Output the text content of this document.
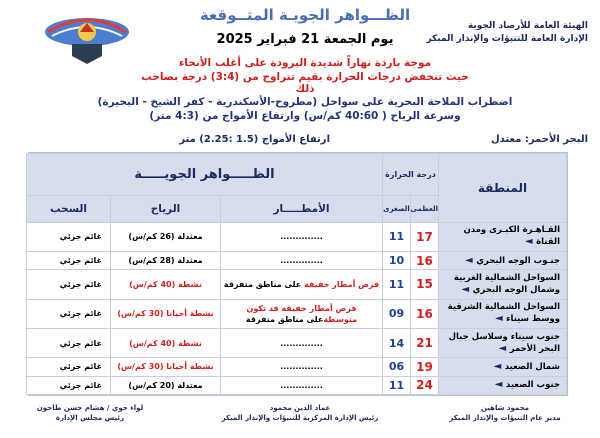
الظـــواهر الجويـة المتــوقعة
الهيئة العامة للأرصاد الجوية
الإدارة العامة للتنبؤات والإنذار المبكر
يوم الجمعة 21 فبراير 2025
موجة باردة نهاراً شديدة البرودة على أغلب الأنحاء
حيث تنخفض درجات الحرارة بقيم تتراوح من (3:4) درجة بصاحب ذلك
اضطراب الملاحة البحرية على سواحل (مطروح-الأسكندرية - كفر الشيخ - البحيرة)
وسرعة الرياح ( 40:60 كم/س) وارتفاع الأمواج من (4:3 متر)
البحر الأحمر: معتدل
ارتفاع الأمواج (1.5 :2.25) متر
المنطقة	درجة الحرارة		الظـــــواهر الجويـــــة		
	العظمى	الصغرى	الأمطـــــار	الرياح	السحب
القـاهـرة الكبـرى ومدن القناة ◄	17	11	..............	معتدلة (26 كم/س)	غائم جزئي
جنـوب الوجه البحري ◄	16	10	..............	معتدلة (28 كم/س)	غائم جزئي
السواحل الشمالية الغربية وشمال الوجه البحري ◄	15	11	فرص أمطار خفيفة على مناطق متفرقة	نشطة (40 كم/س)	غائم جزئي
السواحل الشمالية الشرقية ووسط سيناء ◄	16	09	فرص أمطار خفيفة قد تكون متوسطةعلى مناطق متفرقة	نشطة أحيانا (30 كم/س)	غائم جزئي
جنوب سيناء وسلاسل جبال البحر الأحمر ◄	21	14	..............	نشطة (40 كم/س)	غائم جزئي
شمال الصعيد ◄	19	06	..............	نشطة أحيانا (30 كم/س)	غائم جزئي
جنوب الصعيد ◄	24	11	..............	معتدلة (20 كم/س)	غائم جزئي
محمود شاهين
مدير عام التنبؤات والإنذار المبكر
عماد الدين محمود
رئيس الإدارة المركزية للتنبؤات والإنذار المبكر
لواء جوي / هشام حسن طاحون
رئيس مجلس الإدارة
